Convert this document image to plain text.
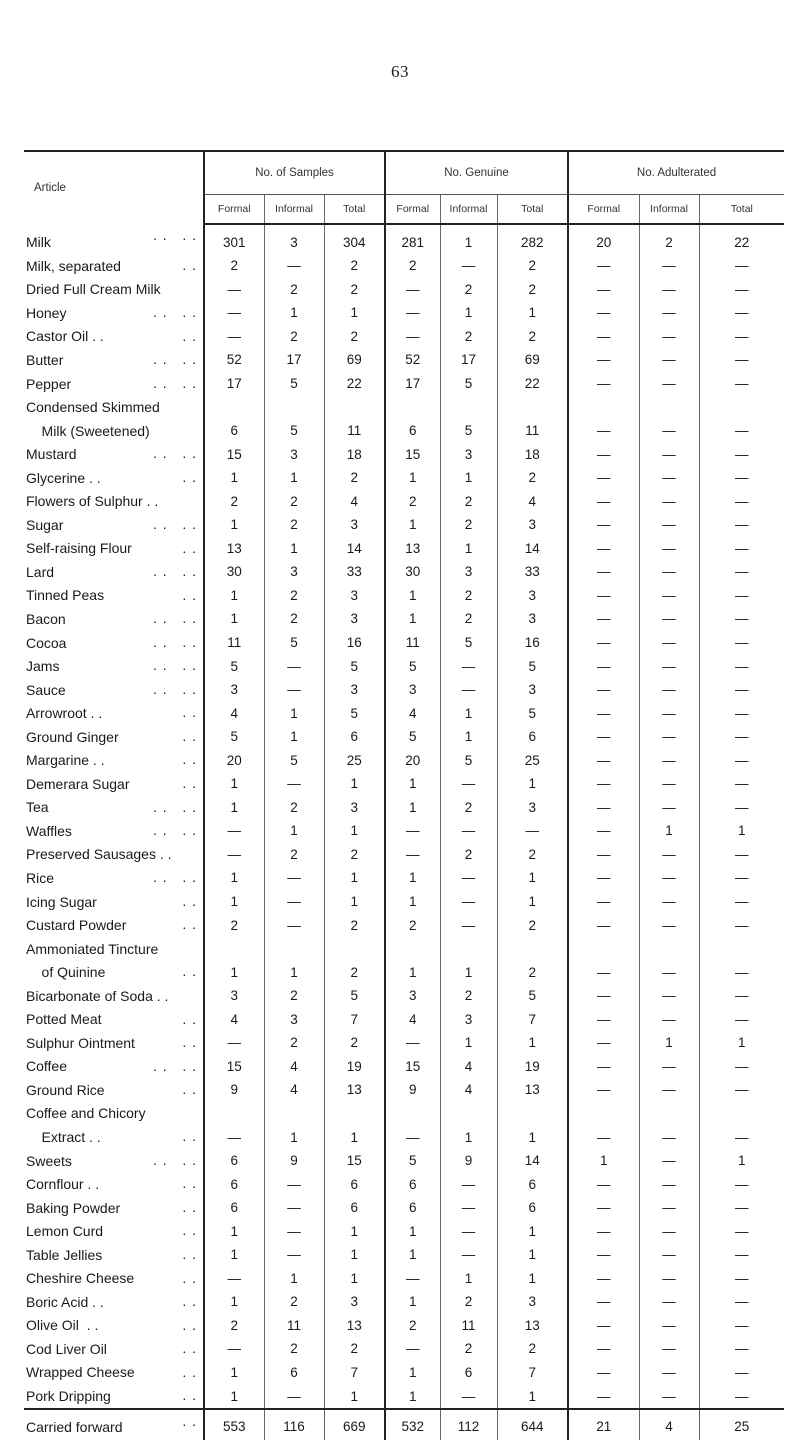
63
Article	No. of Samples			No. Genuine			No. Adulterated		
	Formal	Informal	Total	Formal	Informal	Total	Formal	Informal	Total
Milk . .   . .	301	3	304	281	1	282	20	2	22
Milk, separated . .	2	—	2	2	—	2	—	—	—
Dried Full Cream Milk	—	2	2	—	2	2	—	—	—
Honey . .   . .	—	1	1	—	1	1	—	—	—
Castor Oil . . . .	—	2	2	—	2	2	—	—	—
Butter . .   . .	52	17	69	52	17	69	—	—	—
Pepper . .   . .	17	5	22	17	5	22	—	—	—
Condensed Skimmed

Milk (Sweetened)	6	5	11	6	5	11	—	—	—
Mustard . .   . .	15	3	18	15	3	18	—	—	—
Glycerine . . . .	1	1	2	1	1	2	—	—	—
Flowers of Sulphur . .	2	2	4	2	2	4	—	—	—
Sugar . .   . .	1	2	3	1	2	3	—	—	—
Self-raising Flour . .	13	1	14	13	1	14	—	—	—
Lard . .   . .	30	3	33	30	3	33	—	—	—
Tinned Peas . .	1	2	3	1	2	3	—	—	—
Bacon . .   . .	1	2	3	1	2	3	—	—	—
Cocoa . .   . .	11	5	16	11	5	16	—	—	—
Jams . .   . .	5	—	5	5	—	5	—	—	—
Sauce . .   . .	3	—	3	3	—	3	—	—	—
Arrowroot . . . .	4	1	5	4	1	5	—	—	—
Ground Ginger . .	5	1	6	5	1	6	—	—	—
Margarine . . . .	20	5	25	20	5	25	—	—	—
Demerara Sugar . .	1	—	1	1	—	1	—	—	—
Tea . .   . .	1	2	3	1	2	3	—	—	—
Waffles . .   . .	—	1	1	—	—	—	—	1	1
Preserved Sausages . .	—	2	2	—	2	2	—	—	—
Rice . .   . .	1	—	1	1	—	1	—	—	—
Icing Sugar . .	1	—	1	1	—	1	—	—	—
Custard Powder . .	2	—	2	2	—	2	—	—	—
Ammoniated Tincture

of Quinine . .	1	1	2	1	1	2	—	—	—
Bicarbonate of Soda . .	3	2	5	3	2	5	—	—	—
Potted Meat . .	4	3	7	4	3	7	—	—	—
Sulphur Ointment . .	—	2	2	—	1	1	—	1	1
Coffee . .   . .	15	4	19	15	4	19	—	—	—
Ground Rice . .	9	4	13	9	4	13	—	—	—
Coffee and Chicory

Extract . . . .	—	1	1	—	1	1	—	—	—
Sweets . .   . .	6	9	15	5	9	14	1	—	1
Cornflour . . . .	6	—	6	6	—	6	—	—	—
Baking Powder . .	6	—	6	6	—	6	—	—	—
Lemon Curd . .	1	—	1	1	—	1	—	—	—
Table Jellies . .	1	—	1	1	—	1	—	—	—
Cheshire Cheese . .	—	1	1	—	1	1	—	—	—
Boric Acid . . . .	1	2	3	1	2	3	—	—	—
Olive Oil  . . . .	2	11	13	2	11	13	—	—	—
Cod Liver Oil . .	—	2	2	—	2	2	—	—	—
Wrapped Cheese . .	1	6	7	1	6	7	—	—	—
Pork Dripping . .	1	—	1	1	—	1	—	—	—
Carried forward . .	553	116	669	532	112	644	21	4	25
